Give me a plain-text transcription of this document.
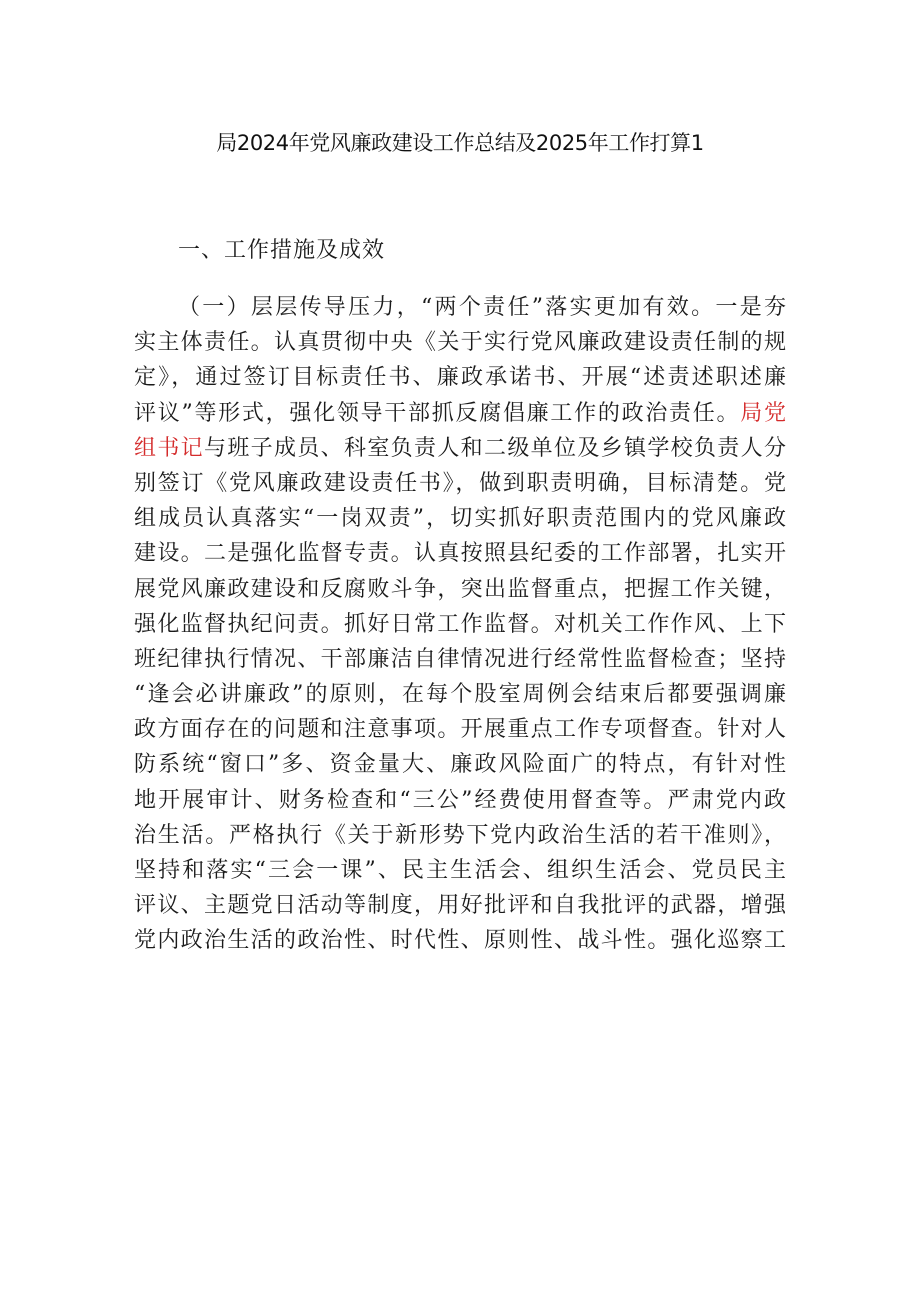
局2024年党风廉政建设工作总结及2025年工作打算1
一、工作措施及成效
（一）层层传导压力，“两个责任”落实更加有效。一是夯
实主体责任。认真贯彻中央《关于实行党风廉政建设责任制的规
定》，通过签订目标责任书、廉政承诺书、开展“述责述职述廉
评议”等形式，强化领导干部抓反腐倡廉工作的政治责任。局党
组书记与班子成员、科室负责人和二级单位及乡镇学校负责人分
别签订《党风廉政建设责任书》，做到职责明确，目标清楚。党
组成员认真落实“一岗双责”，切实抓好职责范围内的党风廉政
建设。二是强化监督专责。认真按照县纪委的工作部署，扎实开
展党风廉政建设和反腐败斗争，突出监督重点，把握工作关键，
强化监督执纪问责。抓好日常工作监督。对机关工作作风、上下
班纪律执行情况、干部廉洁自律情况进行经常性监督检查；坚持
“逢会必讲廉政”的原则，在每个股室周例会结束后都要强调廉
政方面存在的问题和注意事项。开展重点工作专项督查。针对人
防系统“窗口”多、资金量大、廉政风险面广的特点，有针对性
地开展审计、财务检查和“三公”经费使用督查等。严肃党内政
治生活。严格执行《关于新形势下党内政治生活的若干准则》，
坚持和落实“三会一课”、民主生活会、组织生活会、党员民主
评议、主题党日活动等制度，用好批评和自我批评的武器，增强
党内政治生活的政治性、时代性、原则性、战斗性。强化巡察工
